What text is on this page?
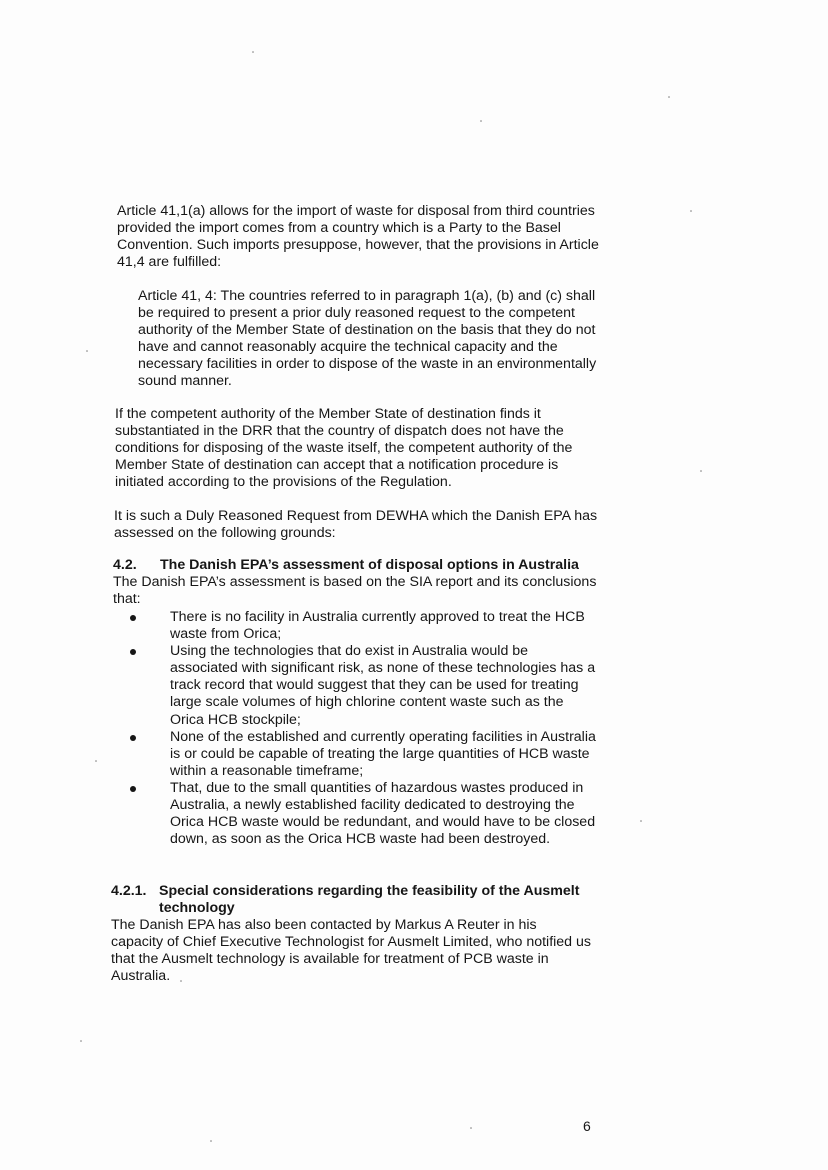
Article 41,1(a) allows for the import of waste for disposal from third countries provided the import comes from a country which is a Party to the Basel Convention. Such imports presuppose, however, that the provisions in Article 41,4 are fulfilled:

Article 41, 4: The countries referred to in paragraph 1(a), (b) and (c) shall be required to present a prior duly reasoned request to the competent authority of the Member State of destination on the basis that they do not have and cannot reasonably acquire the technical capacity and the necessary facilities in order to dispose of the waste in an environmentally sound manner.

If the competent authority of the Member State of destination finds it substantiated in the DRR that the country of dispatch does not have the conditions for disposing of the waste itself, the competent authority of the Member State of destination can accept that a notification procedure is initiated according to the provisions of the Regulation.

It is such a Duly Reasoned Request from DEWHA which the Danish EPA has assessed on the following grounds:

4.2.	The Danish EPA’s assessment of disposal options in Australia

The Danish EPA’s assessment is based on the SIA report and its conclusions that:

There is no facility in Australia currently approved to treat the HCB waste from Orica;
Using the technologies that do exist in Australia would be associated with significant risk, as none of these technologies has a track record that would suggest that they can be used for treating large scale volumes of high chlorine content waste such as the Orica HCB stockpile;
None of the established and currently operating facilities in Australia is or could be capable of treating the large quantities of HCB waste within a reasonable timeframe;
That, due to the small quantities of hazardous wastes produced in Australia, a newly established facility dedicated to destroying the Orica HCB waste would be redundant, and would have to be closed down, as soon as the Orica HCB waste had been destroyed.
4.2.1. Special considerations regarding the feasibility of the Ausmelt technology

The Danish EPA has also been contacted by Markus A Reuter in his capacity of Chief Executive Technologist for Ausmelt Limited, who notified us that the Ausmelt technology is available for treatment of PCB waste in Australia.

6
